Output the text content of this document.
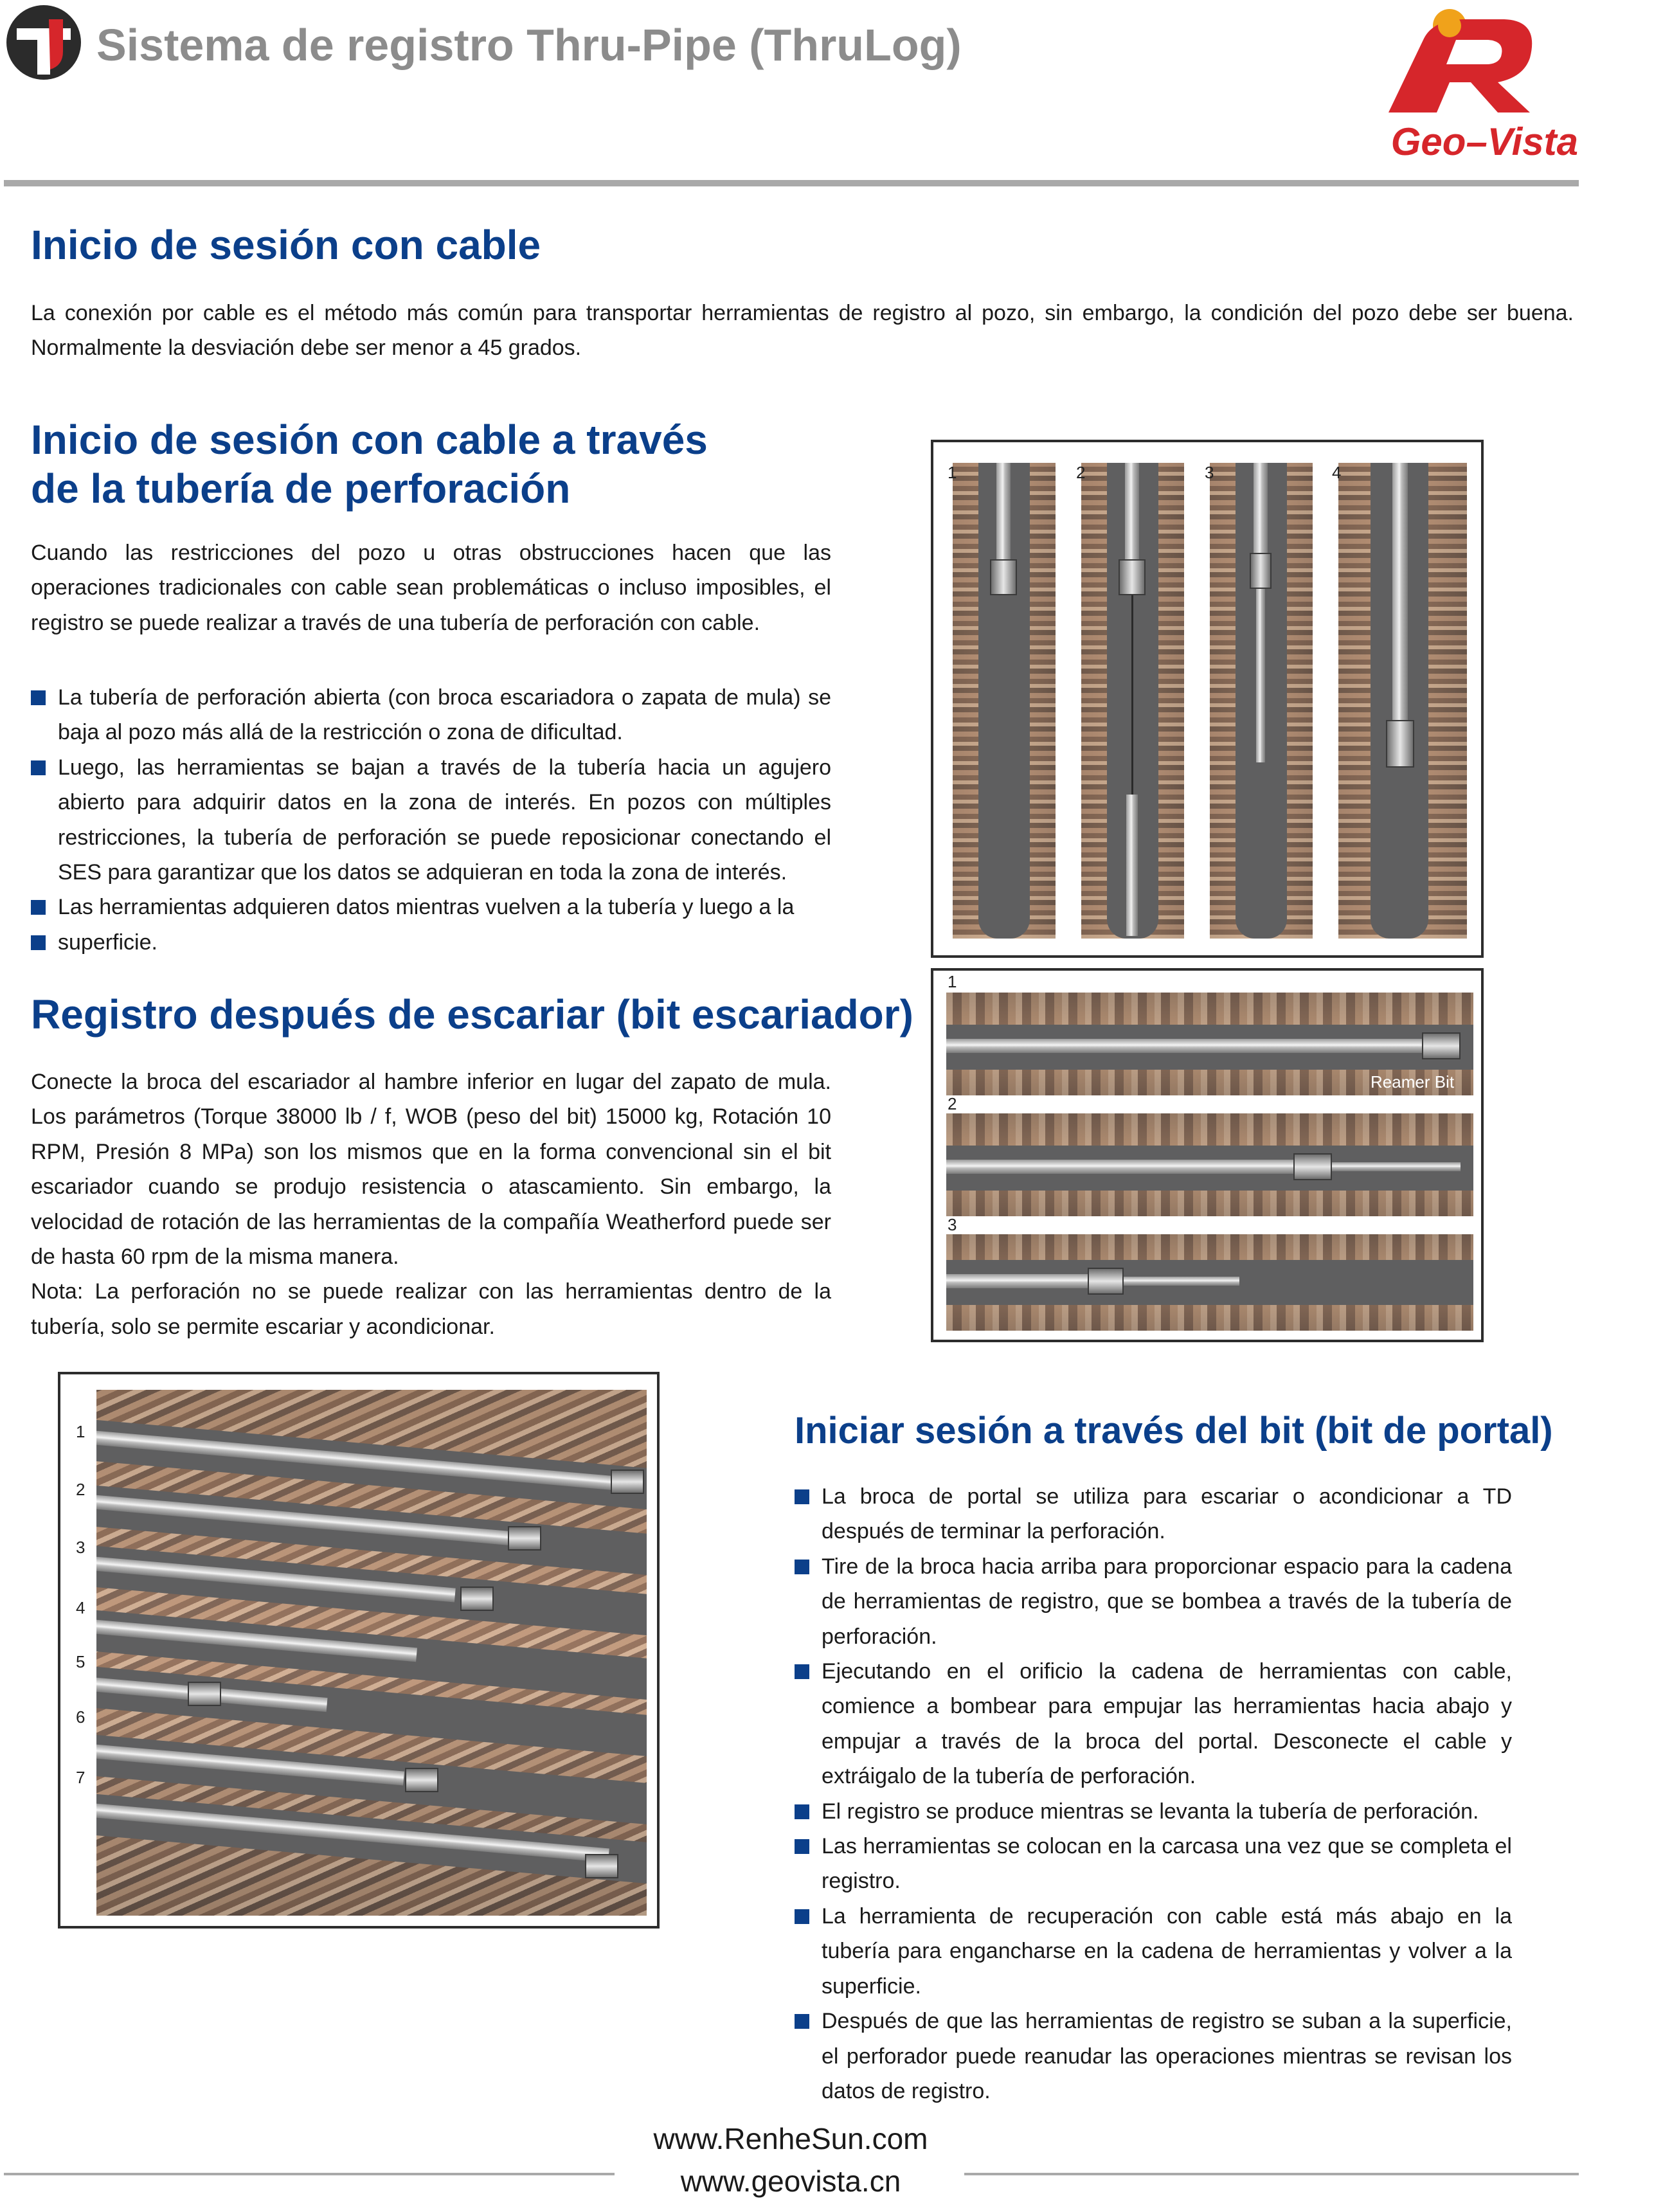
Sistema de registro Thru-Pipe (ThruLog)
Geo–Vista
Inicio de sesión con cable
La conexión por cable es el método más común para transportar herramientas de registro al pozo, sin embargo, la condición del pozo debe ser buena. Normalmente la desviación debe ser menor a 45 grados.
Inicio de sesión con cable a través
de la tubería de perforación
Cuando las restricciones del pozo u otras obstrucciones hacen que las operaciones tradicionales con cable sean problemáticas o incluso imposibles, el registro se puede realizar a través de una tubería de perforación con cable.
La tubería de perforación abierta (con broca escariadora o zapata de mula) se baja al pozo más allá de la restricción o zona de dificultad.
Luego, las herramientas se bajan a través de la tubería hacia un agujero abierto para adquirir datos en la zona de interés. En pozos con múltiples restricciones, la tubería de perforación se puede reposicionar conectando el SES para garantizar que los datos se adquieran en toda la zona de interés.
Las herramientas adquieren datos mientras vuelven a la tubería y luego a la
superficie.
1	2	3	4
Registro después de escariar (bit escariador)
Conecte la broca del escariador al hambre inferior en lugar del zapato de mula. Los parámetros (Torque 38000 lb / f, WOB (peso del bit) 15000 kg, Rotación 10 RPM, Presión 8 MPa) son los mismos que en la forma convencional sin el bit escariador cuando se produjo resistencia o atascamiento. Sin embargo, la velocidad de rotación de las herramientas de la compañía Weatherford puede ser de hasta 60 rpm de la misma manera.
Nota: La perforación no se puede realizar con las herramientas dentro de la tubería, solo se permite escariar y acondicionar.
1
Reamer Bit
2
3
1
2
3
4
5
6
7
Iniciar sesión a través del bit (bit de portal)
La broca de portal se utiliza para escariar o acondicionar a TD después de terminar la perforación.
Tire de la broca hacia arriba para proporcionar espacio para la cadena de herramientas de registro, que se bombea a través de la tubería de perforación.
Ejecutando en el orificio la cadena de herramientas con cable, comience a bombear para empujar las herramientas hacia abajo y empujar a través de la broca del portal. Desconecte el cable y extráigalo de la tubería de perforación.
El registro se produce mientras se levanta la tubería de perforación.
Las herramientas se colocan en la carcasa una vez que se completa el registro.
La herramienta de recuperación con cable está más abajo en la tubería para engancharse en la cadena de herramientas y volver a la superficie.
Después de que las herramientas de registro se suban a la superficie, el perforador puede reanudar las operaciones mientras se revisan los datos de registro.
www.RenheSun.com
www.geovista.cn
